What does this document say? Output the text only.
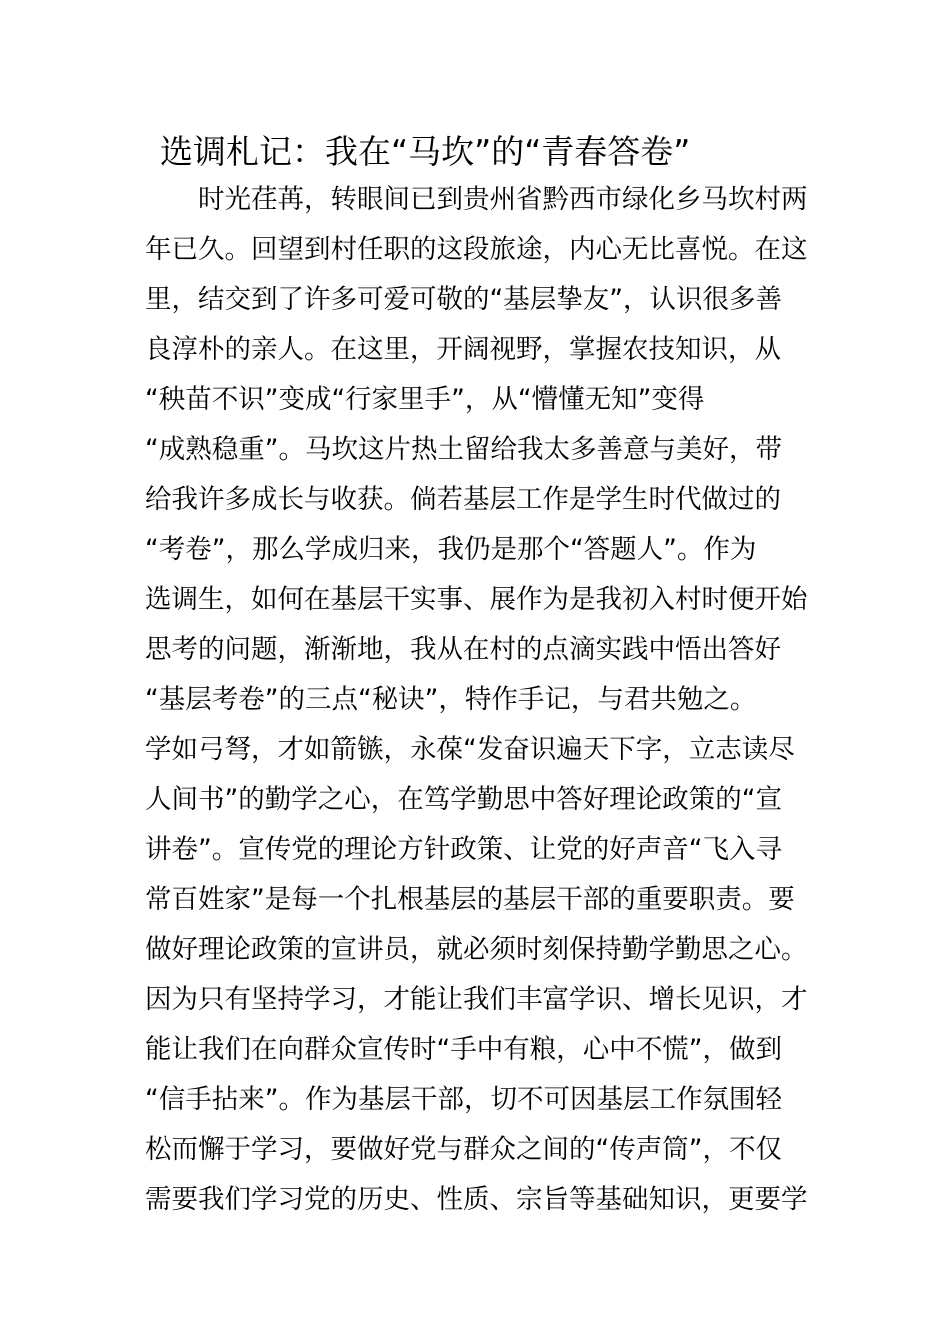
选调札记：我在“马坎”的“青春答卷”
　　时光荏苒，转眼间已到贵州省黔西市绿化乡马坎村两
年已久。回望到村任职的这段旅途，内心无比喜悦。在这
里，结交到了许多可爱可敬的“基层挚友”，认识很多善
良淳朴的亲人。在这里，开阔视野，掌握农技知识，从
“秧苗不识”变成“行家里手”，从“懵懂无知”变得
“成熟稳重”。马坎这片热土留给我太多善意与美好，带
给我许多成长与收获。倘若基层工作是学生时代做过的
“考卷”，那么学成归来，我仍是那个“答题人”。作为
选调生，如何在基层干实事、展作为是我初入村时便开始
思考的问题，渐渐地，我从在村的点滴实践中悟出答好
“基层考卷”的三点“秘诀”，特作手记，与君共勉之。
学如弓弩，才如箭镞，永葆“发奋识遍天下字，立志读尽
人间书”的勤学之心，在笃学勤思中答好理论政策的“宣
讲卷”。宣传党的理论方针政策、让党的好声音“飞入寻
常百姓家”是每一个扎根基层的基层干部的重要职责。要
做好理论政策的宣讲员，就必须时刻保持勤学勤思之心。
因为只有坚持学习，才能让我们丰富学识、增长见识，才
能让我们在向群众宣传时“手中有粮，心中不慌”，做到
“信手拈来”。作为基层干部，切不可因基层工作氛围轻
松而懈于学习，要做好党与群众之间的“传声筒”，不仅
需要我们学习党的历史、性质、宗旨等基础知识，更要学
